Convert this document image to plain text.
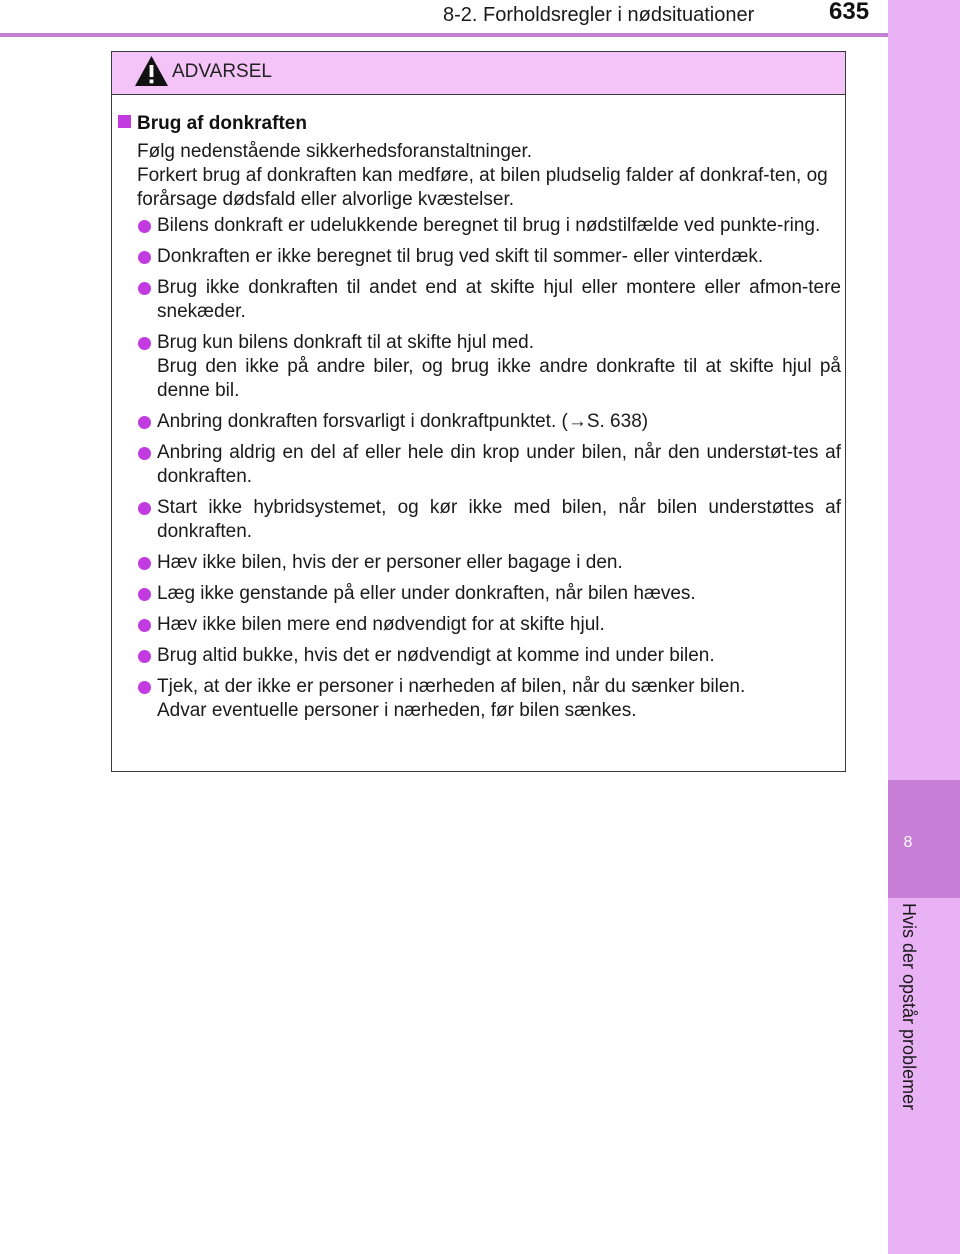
8-2. Forholdsregler i nødsituationer	635
8
Hvis der opstår problemer
ADVARSEL
Brug af donkraften

Følg nedenstående sikkerhedsforanstaltninger.

Forkert brug af donkraften kan medføre, at bilen pludselig falder af donkraf-ten, og forårsage dødsfald eller alvorlige kvæstelser.

Bilens donkraft er udelukkende beregnet til brug i nødstilfælde ved punkte-ring.

Donkraften er ikke beregnet til brug ved skift til sommer- eller vinterdæk.

Brug ikke donkraften til andet end at skifte hjul eller montere eller afmon-tere snekæder.

Brug kun bilens donkraft til at skifte hjul med.

Brug den ikke på andre biler, og brug ikke andre donkrafte til at skifte hjul på denne bil.

Anbring donkraften forsvarligt i donkraftpunktet. (→S. 638)

Anbring aldrig en del af eller hele din krop under bilen, når den understøt-tes af donkraften.

Start ikke hybridsystemet, og kør ikke med bilen, når bilen understøttes af donkraften.

Hæv ikke bilen, hvis der er personer eller bagage i den.

Læg ikke genstande på eller under donkraften, når bilen hæves.

Hæv ikke bilen mere end nødvendigt for at skifte hjul.

Brug altid bukke, hvis det er nødvendigt at komme ind under bilen.

Tjek, at der ikke er personer i nærheden af bilen, når du sænker bilen.

Advar eventuelle personer i nærheden, før bilen sænkes.
